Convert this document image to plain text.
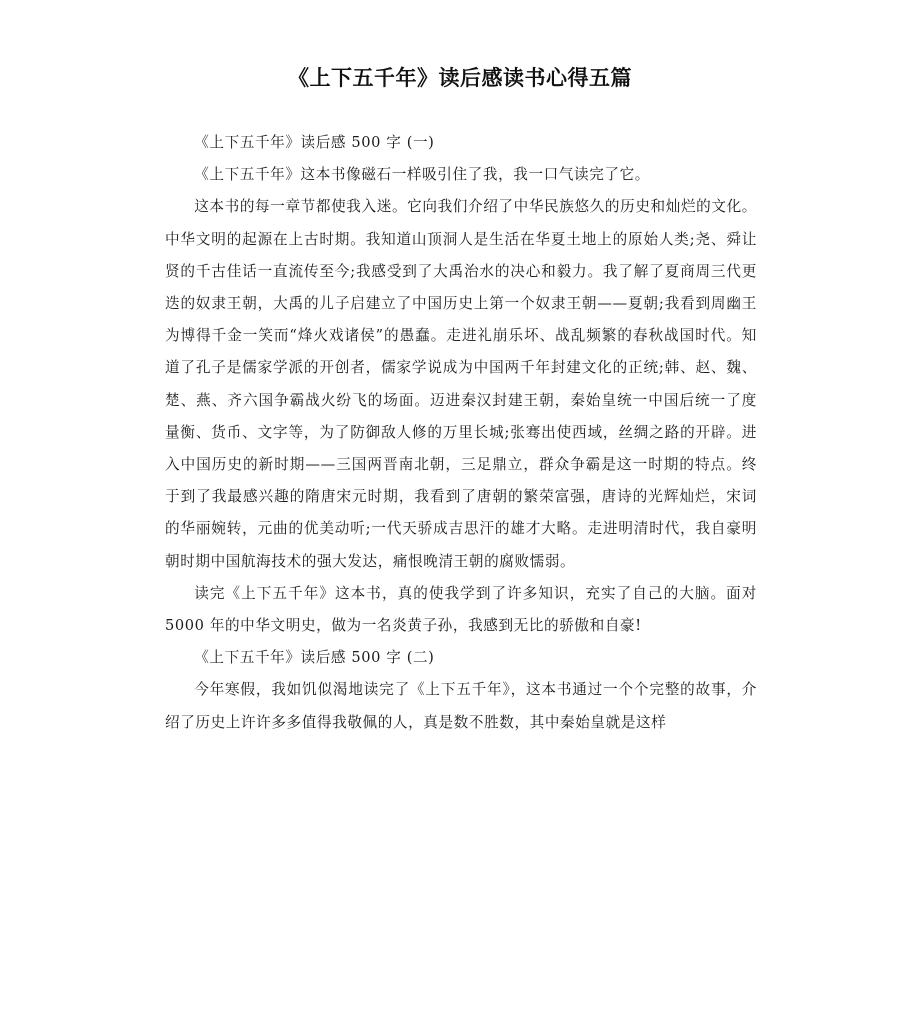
《上下五千年》读后感读书心得五篇

《上下五千年》读后感 500 字 (一)

《上下五千年》这本书像磁石一样吸引住了我，我一口气读完了它。

这本书的每一章节都使我入迷。它向我们介绍了中华民族悠久的历史和灿烂的文化。中华文明的起源在上古时期。我知道山顶洞人是生活在华夏土地上的原始人类;尧、舜让贤的千古佳话一直流传至今;我感受到了大禹治水的决心和毅力。我了解了夏商周三代更迭的奴隶王朝，大禹的儿子启建立了中国历史上第一个奴隶王朝——夏朝;我看到周幽王为博得千金一笑而“烽火戏诸侯”的愚蠢。走进礼崩乐坏、战乱频繁的春秋战国时代。知道了孔子是儒家学派的开创者，儒家学说成为中国两千年封建文化的正统;韩、赵、魏、楚、燕、齐六国争霸战火纷飞的场面。迈进秦汉封建王朝，秦始皇统一中国后统一了度量衡、货币、文字等，为了防御敌人修的万里长城;张骞出使西域，丝绸之路的开辟。进入中国历史的新时期——三国两晋南北朝，三足鼎立，群众争霸是这一时期的特点。终于到了我最感兴趣的隋唐宋元时期，我看到了唐朝的繁荣富强，唐诗的光辉灿烂，宋词的华丽婉转，元曲的优美动听;一代天骄成吉思汗的雄才大略。走进明清时代，我自豪明朝时期中国航海技术的强大发达，痛恨晚清王朝的腐败懦弱。

读完《上下五千年》这本书，真的使我学到了许多知识，充实了自己的大脑。面对 5000 年的中华文明史，做为一名炎黄子孙，我感到无比的骄傲和自豪!

《上下五千年》读后感 500 字 (二)

今年寒假，我如饥似渴地读完了《上下五千年》，这本书通过一个个完整的故事，介绍了历史上许许多多值得我敬佩的人，真是数不胜数，其中秦始皇就是这样
